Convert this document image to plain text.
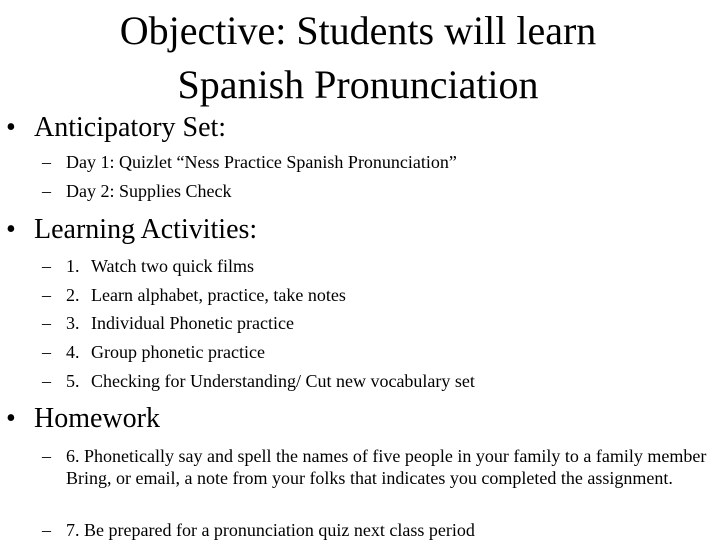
Objective: Students will learn
Spanish Pronunciation
• Anticipatory Set:
– Day 1: Quizlet “Ness Practice Spanish Pronunciation”
– Day 2: Supplies Check
• Learning Activities:
– 1. Watch two quick films
– 2. Learn alphabet, practice, take notes
– 3. Individual Phonetic practice
– 4. Group phonetic practice
– 5. Checking for Understanding/ Cut new vocabulary set
• Homework
– 6. Phonetically say and spell the names of five people in your family to a family member Bring, or email, a note from your folks that indicates you completed the assignment.
– 7. Be prepared for a pronunciation quiz next class period
